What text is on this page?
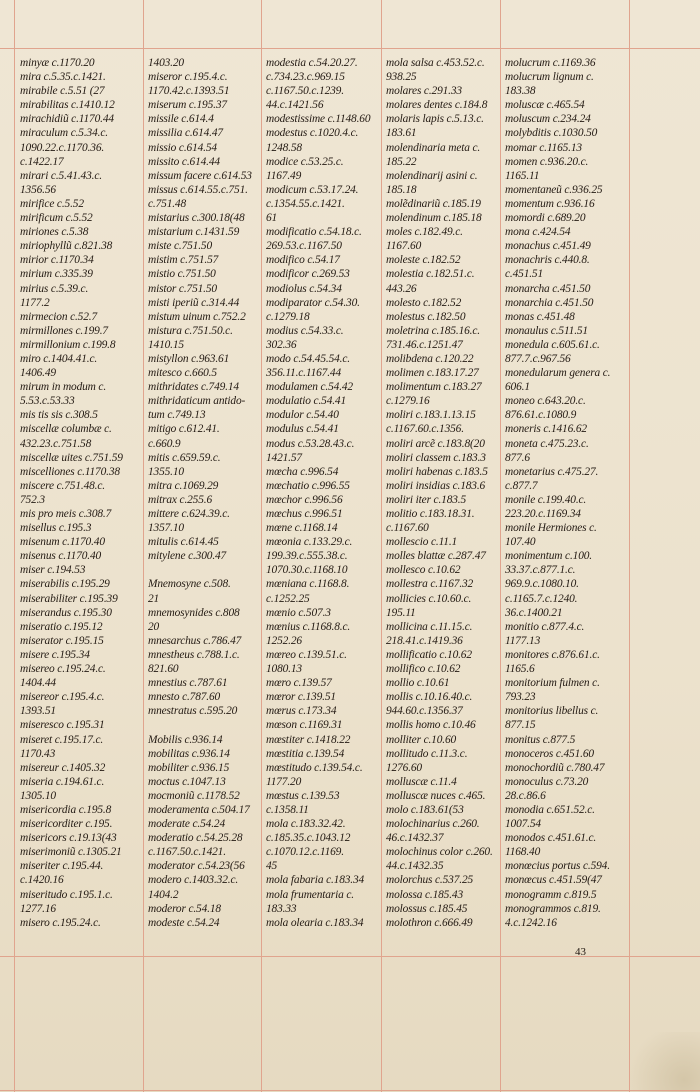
minyæ c.1170.20
mira c.5.35.c.1421.
mirabile c.5.51 (27
mirabilitas c.1410.12
mirachidiũ c.1170.44
miraculum c.5.34.c.
1090.22.c.1170.36.
c.1422.17
mirari c.5.41.43.c.
1356.56
mirifice c.5.52
mirificum c.5.52
miriones c.5.38
miriophyllũ c.821.38
mirior c.1170.34
mirium c.335.39
mirius c.5.39.c.
1177.2
mirmecion c.52.7
mirmillones c.199.7
mirmillonium c.199.8
miro c.1404.41.c.
1406.49
mirum in modum c.
5.53.c.53.33
mis tis sis c.308.5
miscellæ columbæ c.
432.23.c.751.58
miscellæ uites c.751.59
miscelliones c.1170.38
miscere c.751.48.c.
752.3
mis pro meis c.308.7
misellus c.195.3
misenum c.1170.40
misenus c.1170.40
miser c.194.53
miserabilis c.195.29
miserabiliter c.195.39
miserandus c.195.30
miseratio c.195.12
miserator c.195.15
misere c.195.34
misereo c.195.24.c.
1404.44
misereor c.195.4.c.
1393.51
miseresco c.195.31
miseret c.195.17.c.
1170.43
misereur c.1405.32
miseria c.194.61.c.
1305.10
misericordia c.195.8
misericorditer c.195.
misericors c.19.13(43
miserimoniũ c.1305.21
miseriter c.195.44.
c.1420.16
miseritudo c.195.1.c.
1277.16
misero c.195.24.c.
1403.20
miseror c.195.4.c.
1170.42.c.1393.51
miserum c.195.37
missile c.614.4
missilia c.614.47
missio c.614.54
missito c.614.44
missum facere c.614.53
missus c.614.55.c.751.
c.751.48
mistarius c.300.18(48
mistarium c.1431.59
miste c.751.50
mistim c.751.57
mistio c.751.50
mistor c.751.50
misti iperiũ c.314.44
mistum uinum c.752.2
mistura c.751.50.c.
1410.15
mistyllon c.963.61
mitesco c.660.5
mithridates c.749.14
mithridaticum antido-
tum c.749.13
mitigo c.612.41.
c.660.9
mitis c.659.59.c.
1355.10
mitra c.1069.29
mitrax c.255.6
mittere c.624.39.c.
1357.10
mitulis c.614.45
mitylene c.300.47

Mnemosyne c.508.
21
mnemosynides c.808
20
mnesarchus c.786.47
mnestheus c.788.1.c.
821.60
mnestius c.787.61
mnesto c.787.60
mnestratus c.595.20

Mobilis c.936.14
mobilitas c.936.14
mobiliter c.936.15
moctus c.1047.13
mocmoniũ c.1178.52
moderamenta c.504.17
moderate c.54.24
moderatio c.54.25.28
c.1167.50.c.1421.
moderator c.54.23(56
modero c.1403.32.c.
1404.2
moderor c.54.18
modeste c.54.24
modestia c.54.20.27.
c.734.23.c.969.15
c.1167.50.c.1239.
44.c.1421.56
modestissime c.1148.60
modestus c.1020.4.c.
1248.58
modice c.53.25.c.
1167.49
modicum c.53.17.24.
c.1354.55.c.1421.
61
modificatio c.54.18.c.
269.53.c.1167.50
modifico c.54.17
modificor c.269.53
modiolus c.54.34
modiparator c.54.30.
c.1279.18
modius c.54.33.c.
302.36
modo c.54.45.54.c.
356.11.c.1167.44
modulamen c.54.42
modulatio c.54.41
modulor c.54.40
modulus c.54.41
modus c.53.28.43.c.
1421.57
mœcha c.996.54
mœchatio c.996.55
mœchor c.996.56
mœchus c.996.51
mœne c.1168.14
mœonia c.133.29.c.
199.39.c.555.38.c.
1070.30.c.1168.10
mœniana c.1168.8.
c.1252.25
mœnio c.507.3
mœnius c.1168.8.c.
1252.26
mœreo c.139.51.c.
1080.13
mœro c.139.57
mœror c.139.51
mœrus c.173.34
mœson c.1169.31
mœstiter c.1418.22
mœstitia c.139.54
mœstitudo c.139.54.c.
1177.20
mœstus c.139.53
c.1358.11
mola c.183.32.42.
c.185.35.c.1043.12
c.1070.12.c.1169.
45
mola fabaria c.183.34
mola frumentaria c.
183.33
mola olearia c.183.34
mola salsa c.453.52.c.
938.25
molares c.291.33
molares dentes c.184.8
molaris lapis c.5.13.c.
183.61
molendinaria meta c.
185.22
molendinarij asini c.
185.18
molẽdinariũ c.185.19
molendinum c.185.18
moles c.182.49.c.
1167.60
moleste c.182.52
molestia c.182.51.c.
443.26
molesto c.182.52
molestus c.182.50
moletrina c.185.16.c.
731.46.c.1251.47
molibdena c.120.22
molimen c.183.17.27
molimentum c.183.27
c.1279.16
moliri c.183.1.13.15
c.1167.60.c.1356.
moliri arcẽ c.183.8(20
moliri classem c.183.3
moliri habenas c.183.5
moliri insidias c.183.6
moliri iter c.183.5
molitio c.183.18.31.
c.1167.60
mollescio c.11.1
molles blattæ c.287.47
mollesco c.10.62
mollestra c.1167.32
mollicies c.10.60.c.
195.11
mollicina c.11.15.c.
218.41.c.1419.36
mollificatio c.10.62
mollifico c.10.62
mollio c.10.61
mollis c.10.16.40.c.
944.60.c.1356.37
mollis homo c.10.46
molliter c.10.60
mollitudo c.11.3.c.
1276.60
molluscæ c.11.4
molluscæ nuces c.465.
molo c.183.61(53
molochinarius c.260.
46.c.1432.37
molochinus color c.260.
44.c.1432.35
molorchus c.537.25
molossa c.185.43
molossus c.185.45
molothron c.666.49
molucrum c.1169.36
molucrum lignum c.
183.38
moluscæ c.465.54
moluscum c.234.24
molybditis c.1030.50
momar c.1165.13
momen c.936.20.c.
1165.11
momentaneũ c.936.25
momentum c.936.16
momordi c.689.20
mona c.424.54
monachus c.451.49
monachris c.440.8.
c.451.51
monarcha c.451.50
monarchia c.451.50
monas c.451.48
monaulus c.511.51
monedula c.605.61.c.
877.7.c.967.56
monedularum genera c.
606.1
moneo c.643.20.c.
876.61.c.1080.9
moneris c.1416.62
moneta c.475.23.c.
877.6
monetarius c.475.27.
c.877.7
monile c.199.40.c.
223.20.c.1169.34
monile Hermiones c.
107.40
monimentum c.100.
33.37.c.877.1.c.
969.9.c.1080.10.
c.1165.7.c.1240.
36.c.1400.21
monitio c.877.4.c.
1177.13
monitores c.876.61.c.
1165.6
monitorium fulmen c.
793.23
monitorius libellus c.
877.15
monitus c.877.5
monoceros c.451.60
monochordiũ c.780.47
monoculus c.73.20
28.c.86.6
monodia c.651.52.c.
1007.54
monodos c.451.61.c.
1168.40
monœcius portus c.594.
monœcus c.451.59(47
monogramm c.819.5
monogrammos c.819.
4.c.1242.16
43
